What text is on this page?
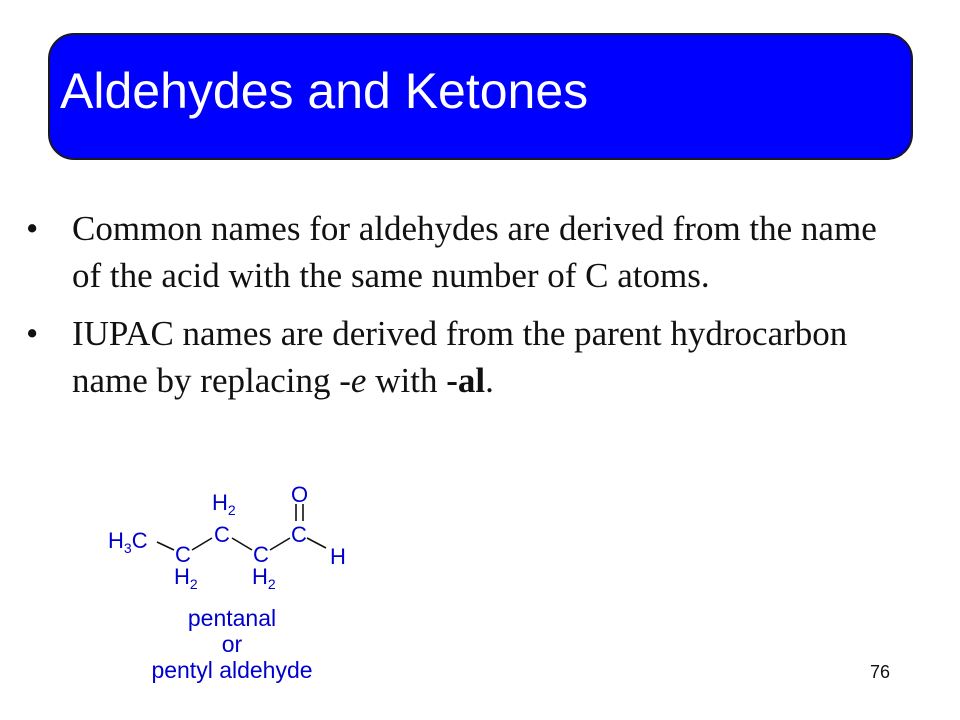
Aldehydes and Ketones
• Common names for aldehydes are derived from the name of the acid with the same number of C atoms.
• IUPAC names are derived from the parent hydrocarbon name by replacing -e with -al.
$H_3C$
C
C
C
C
O
H
$H_2$
$H_2$ $H_2$
pentanal
or
pentyl aldehyde	76
